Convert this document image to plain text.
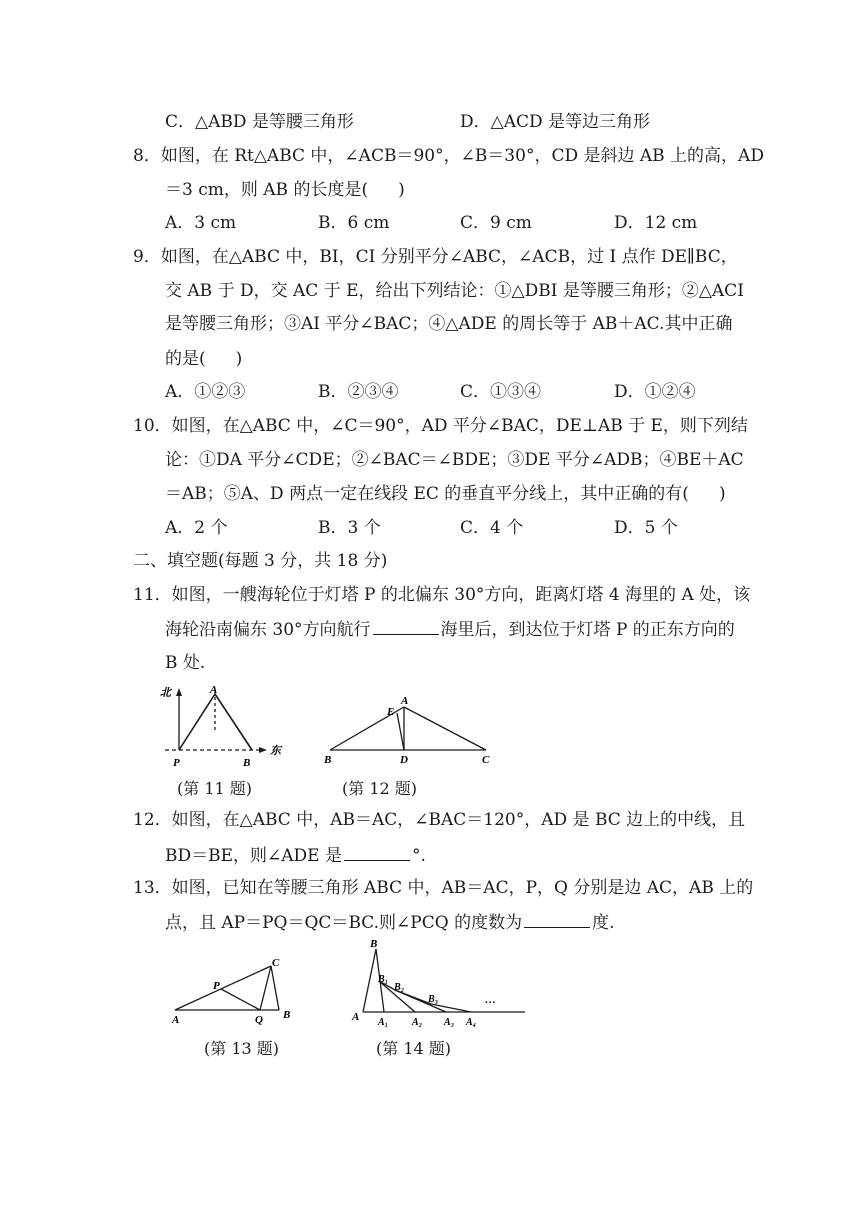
C．△ABD 是等腰三角形	D．△ACD 是等边三角形
8．如图，在 Rt△ABC 中，∠ACB＝90°，∠B＝30°，CD 是斜边 AB 上的高，AD
＝3 cm，则 AB 的长度是( )
A．3 cm	B．6 cm	C．9 cm	D．12 cm
9．如图，在△ABC 中，BI，CI 分别平分∠ABC，∠ACB，过 I 点作 DE∥BC，
交 AB 于 D，交 AC 于 E，给出下列结论：①△DBI 是等腰三角形；②△ACI
是等腰三角形；③AI 平分∠BAC；④△ADE 的周长等于 AB＋AC.其中正确
的是( )
A．①②③	B．②③④	C．①③④	D．①②④
10．如图，在△ABC 中，∠C＝90°，AD 平分∠BAC，DE⊥AB 于 E，则下列结
论：①DA 平分∠CDE；②∠BAC＝∠BDE；③DE 平分∠ADB；④BE＋AC
＝AB；⑤A、D 两点一定在线段 EC 的垂直平分线上，其中正确的有( )
A．2 个	B．3 个	C．4 个	D．5 个
二、填空题(每题 3 分，共 18 分)
11．如图，一艘海轮位于灯塔 P 的北偏东 30°方向，距离灯塔 4 海里的 A 处，该
海轮沿南偏东 30°方向航行	海里后，到达位于灯塔 P 的正东方向的
B 处.
北
东
A
P	B
(第 11 题)
E
A
B	D	C
(第 12 题)
12．如图，在△ABC 中，AB＝AC，∠BAC＝120°，AD 是 BC 边上的中线，且
BD＝BE，则∠ADE 是	°.
13．如图，已知在等腰三角形 ABC 中，AB＝AC，P，Q 分别是边 AC，AB 上的
点，且 AP＝PQ＝QC＝BC.则∠PCQ 的度数为	度.
A
P
C
Q B
(第 13 题)
B
B₁
B₂
B₃	…
A A₁ A₂ A₃ A₄
(第 14 题)
